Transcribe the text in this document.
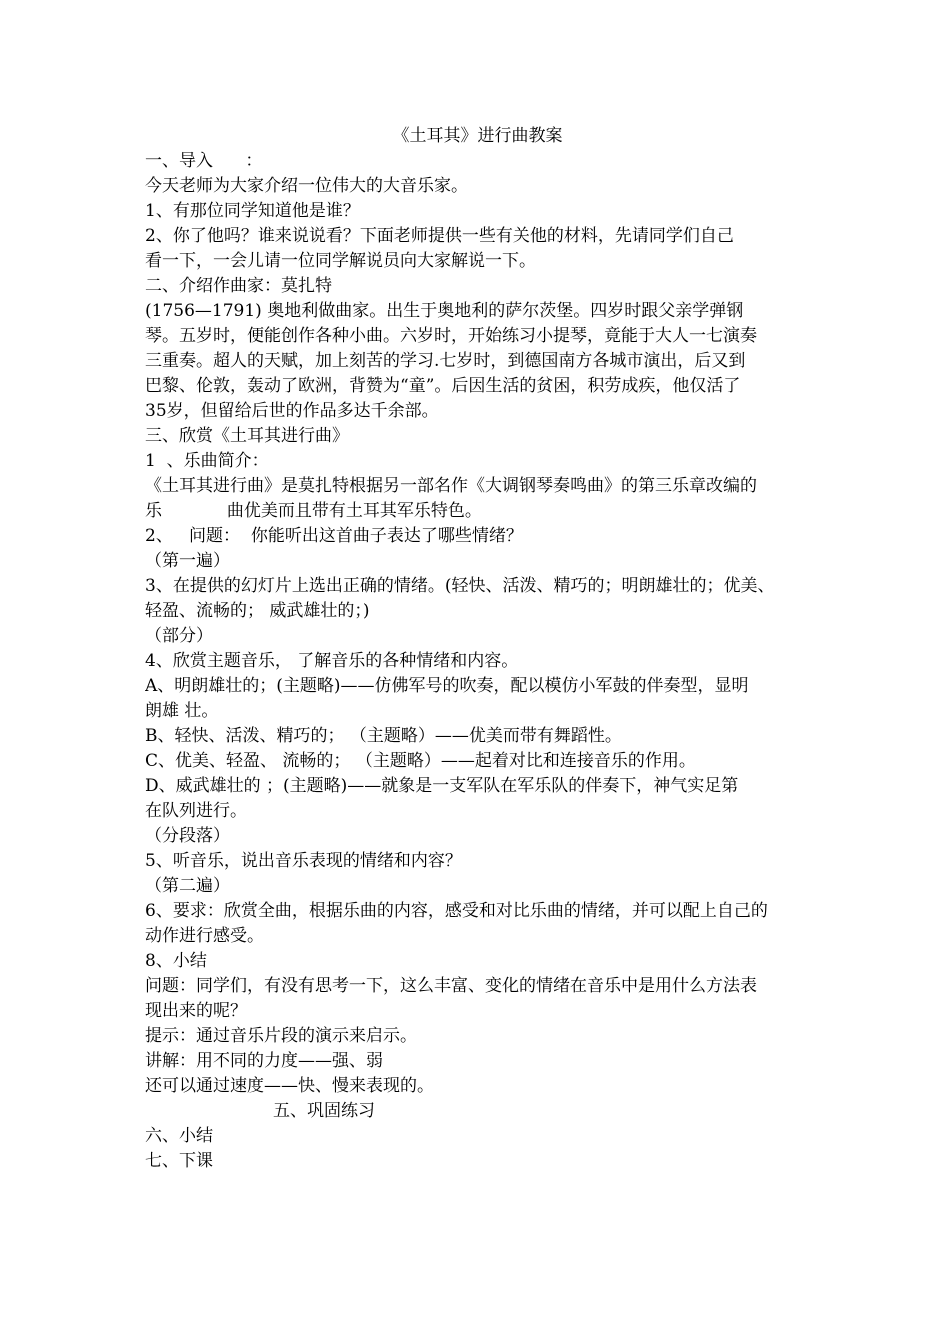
《土耳其》进行曲教案
一、导入      ：
今天老师为大家介绍一位伟大的大音乐家。
1、有那位同学知道他是谁？
2、你了他吗？谁来说说看？下面老师提供一些有关他的材料，先请同学们自己
看一下，一会儿请一位同学解说员向大家解说一下。
二、介绍作曲家：莫扎特
(1756—1791) 奥地利做曲家。出生于奥地利的萨尔茨堡。四岁时跟父亲学弹钢
琴。五岁时，便能创作各种小曲。六岁时，开始练习小提琴，竟能于大人一七演奏
三重奏。超人的天赋，加上刻苦的学习.七岁时，到德国南方各城市演出，后又到
巴黎、伦敦，轰动了欧洲，背赞为“童”。后因生活的贫困，积劳成疾，他仅活了
35岁，但留给后世的作品多达千余部。
三、欣赏《土耳其进行曲》
1  、乐曲简介：
《土耳其进行曲》是莫扎特根据另一部名作《大调钢琴奏鸣曲》的第三乐章改编的
乐            曲优美而且带有土耳其军乐特色。
2、   问题：  你能听出这首曲子表达了哪些情绪？
（第一遍）
3、在提供的幻灯片上选出正确的情绪。(轻快、活泼、精巧的；明朗雄壮的；优美、
轻盈、流畅的； 威武雄壮的；)
（部分）
4、欣赏主题音乐， 了解音乐的各种情绪和内容。
A、明朗雄壮的；(主题略)——仿佛军号的吹奏，配以模仿小军鼓的伴奏型，显明
朗雄 壮。
B、轻快、活泼、精巧的； （主题略）——优美而带有舞蹈性。
C、优美、轻盈、 流畅的； （主题略）——起着对比和连接音乐的作用。
D、威武雄壮的 ；(主题略)——就象是一支军队在军乐队的伴奏下，神气实足第
在队列进行。
（分段落）
5、听音乐，说出音乐表现的情绪和内容？
（第二遍）
6、要求：欣赏全曲，根据乐曲的内容，感受和对比乐曲的情绪，并可以配上自己的
动作进行感受。
8、小结
问题：同学们，有没有思考一下，这么丰富、变化的情绪在音乐中是用什么方法表
现出来的呢？
提示：通过音乐片段的演示来启示。
讲解：用不同的力度——强、弱
还可以通过速度——快、慢来表现的。
五、巩固练习
六、小结
七、下课
